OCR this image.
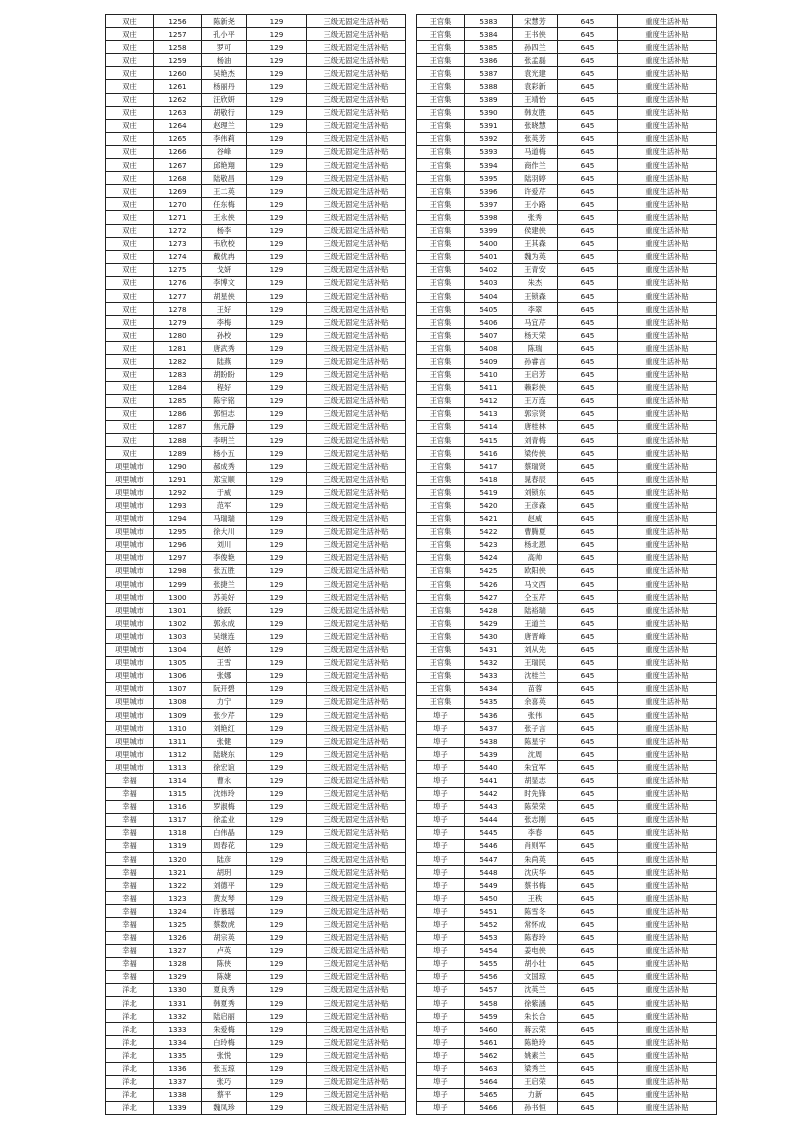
双庄	1256	陈新尧	129	三级无固定生活补贴
双庄	1257	孔小平	129	三级无固定生活补贴
双庄	1258	罗可	129	三级无固定生活补贴
双庄	1259	杨油	129	三级无固定生活补贴
双庄	1260	吴艳杰	129	三级无固定生活补贴
双庄	1261	杨丽丹	129	三级无固定生活补贴
双庄	1262	汪欣妍	129	三级无固定生活补贴
双庄	1263	胡敬行	129	三级无固定生活补贴
双庄	1264	赵理兰	129	三级无固定生活补贴
双庄	1265	李伟莉	129	三级无固定生活补贴
双庄	1266	谷峰	129	三级无固定生活补贴
双庄	1267	邱艳翔	129	三级无固定生活补贴
双庄	1268	陆敬昌	129	三级无固定生活补贴
双庄	1269	王二英	129	三级无固定生活补贴
双庄	1270	任东梅	129	三级无固定生活补贴
双庄	1271	王永侠	129	三级无固定生活补贴
双庄	1272	杨李	129	三级无固定生活补贴
双庄	1273	韦欣校	129	三级无固定生活补贴
双庄	1274	戴优冉	129	三级无固定生活补贴
双庄	1275	戈妍	129	三级无固定生活补贴
双庄	1276	李博文	129	三级无固定生活补贴
双庄	1277	胡星侠	129	三级无固定生活补贴
双庄	1278	王好	129	三级无固定生活补贴
双庄	1279	李梅	129	三级无固定生活补贴
双庄	1280	孙校	129	三级无固定生活补贴
双庄	1281	唐武秀	129	三级无固定生活补贴
双庄	1282	陆燕	129	三级无固定生活补贴
双庄	1283	胡盼盼	129	三级无固定生活补贴
双庄	1284	程好	129	三级无固定生活补贴
双庄	1285	陈宇铭	129	三级无固定生活补贴
双庄	1286	郭恒志	129	三级无固定生活补贴
双庄	1287	焦元静	129	三级无固定生活补贴
双庄	1288	李明兰	129	三级无固定生活补贴
双庄	1289	杨小五	129	三级无固定生活补贴
项里城市	1290	郝成秀	129	三级无固定生活补贴
项里城市	1291	郑宝顺	129	三级无固定生活补贴
项里城市	1292	于威	129	三级无固定生活补贴
项里城市	1293	范军	129	三级无固定生活补贴
项里城市	1294	马瑞瑞	129	三级无固定生活补贴
项里城市	1295	徐大川	129	三级无固定生活补贴
项里城市	1296	刘川	129	三级无固定生活补贴
项里城市	1297	李俊艳	129	三级无固定生活补贴
项里城市	1298	张五胜	129	三级无固定生活补贴
项里城市	1299	张捷兰	129	三级无固定生活补贴
项里城市	1300	苏美好	129	三级无固定生活补贴
项里城市	1301	徐跃	129	三级无固定生活补贴
项里城市	1302	郭永成	129	三级无固定生活补贴
项里城市	1303	吴继连	129	三级无固定生活补贴
项里城市	1304	赵娇	129	三级无固定生活补贴
项里城市	1305	王雪	129	三级无固定生活补贴
项里城市	1306	张娜	129	三级无固定生活补贴
项里城市	1307	阮开碧	129	三级无固定生活补贴
项里城市	1308	力宁	129	三级无固定生活补贴
项里城市	1309	张少芹	129	三级无固定生活补贴
项里城市	1310	刘艳红	129	三级无固定生活补贴
项里城市	1311	张健	129	三级无固定生活补贴
项里城市	1312	陆晓东	129	三级无固定生活补贴
项里城市	1313	徐宏谊	129	三级无固定生活补贴
幸福	1314	曹永	129	三级无固定生活补贴
幸福	1315	沈炜玲	129	三级无固定生活补贴
幸福	1316	罗淑梅	129	三级无固定生活补贴
幸福	1317	徐孟业	129	三级无固定生活补贴
幸福	1318	白伟晶	129	三级无固定生活补贴
幸福	1319	周春花	129	三级无固定生活补贴
幸福	1320	陆彦	129	三级无固定生活补贴
幸福	1321	胡玥	129	三级无固定生活补贴
幸福	1322	刘德平	129	三级无固定生活补贴
幸福	1323	黄友琴	129	三级无固定生活补贴
幸福	1324	许慕瑶	129	三级无固定生活补贴
幸福	1325	蔡数虎	129	三级无固定生活补贴
幸福	1326	胡宗英	129	三级无固定生活补贴
幸福	1327	卢英	129	三级无固定生活补贴
幸福	1328	陈侠	129	三级无固定生活补贴
幸福	1329	陈婕	129	三级无固定生活补贴
洋北	1330	夏良秀	129	三级无固定生活补贴
洋北	1331	韩夏秀	129	三级无固定生活补贴
洋北	1332	陆启丽	129	三级无固定生活补贴
洋北	1333	朱爱梅	129	三级无固定生活补贴
洋北	1334	白玲梅	129	三级无固定生活补贴
洋北	1335	张悦	129	三级无固定生活补贴
洋北	1336	张玉琼	129	三级无固定生活补贴
洋北	1337	张巧	129	三级无固定生活补贴
洋北	1338	蔡平	129	三级无固定生活补贴
洋北	1339	魏凤珍	129	三级无固定生活补贴
王官集	5383	宋慧芳	645	重度生活补贴
王官集	5384	王书侠	645	重度生活补贴
王官集	5385	孙四兰	645	重度生活补贴
王官集	5386	张孟磊	645	重度生活补贴
王官集	5387	袁光建	645	重度生活补贴
王官集	5388	袁彩新	645	重度生活补贴
王官集	5389	王靖怡	645	重度生活补贴
王官集	5390	韩友胜	645	重度生活补贴
王官集	5391	张晓慧	645	重度生活补贴
王官集	5392	张英芳	645	重度生活补贴
王官集	5393	马道梅	645	重度生活补贴
王官集	5394	商作兰	645	重度生活补贴
王官集	5395	陆羽婷	645	重度生活补贴
王官集	5396	许爱芹	645	重度生活补贴
王官集	5397	王小路	645	重度生活补贴
王官集	5398	张秀	645	重度生活补贴
王官集	5399	侯建侠	645	重度生活补贴
王官集	5400	王其森	645	重度生活补贴
王官集	5401	魏为英	645	重度生活补贴
王官集	5402	王青安	645	重度生活补贴
王官集	5403	朱杰	645	重度生活补贴
王官集	5404	王锁森	645	重度生活补贴
王官集	5405	李翠	645	重度生活补贴
王官集	5406	马宜芹	645	重度生活补贴
王官集	5407	杨天荣	645	重度生活补贴
王官集	5408	陈瑞	645	重度生活补贴
王官集	5409	孙睿言	645	重度生活补贴
王官集	5410	王启芳	645	重度生活补贴
王官集	5411	赖彩侠	645	重度生活补贴
王官集	5412	王万连	645	重度生活补贴
王官集	5413	郭宗贤	645	重度生活补贴
王官集	5414	唐桂林	645	重度生活补贴
王官集	5415	刘青梅	645	重度生活补贴
王官集	5416	梁传侠	645	重度生活补贴
王官集	5417	蔡瑞贤	645	重度生活补贴
王官集	5418	晁春辰	645	重度生活补贴
王官集	5419	刘锁东	645	重度生活补贴
王官集	5420	王彦森	645	重度生活补贴
王官集	5421	赵威	645	重度生活补贴
王官集	5422	曹腾夏	645	重度生活补贴
王官集	5423	杨北恩	645	重度生活补贴
王官集	5424	高帅	645	重度生活补贴
王官集	5425	欧阳侠	645	重度生活补贴
王官集	5426	马文西	645	重度生活补贴
王官集	5427	仝玉芹	645	重度生活补贴
王官集	5428	陆裕瑞	645	重度生活补贴
王官集	5429	王道兰	645	重度生活补贴
王官集	5430	唐晋峰	645	重度生活补贴
王官集	5431	刘从先	645	重度生活补贴
王官集	5432	王瑞民	645	重度生活补贴
王官集	5433	沈桂兰	645	重度生活补贴
王官集	5434	苗蓉	645	重度生活补贴
王官集	5435	余喜英	645	重度生活补贴
埠子	5436	张伟	645	重度生活补贴
埠子	5437	张子言	645	重度生活补贴
埠子	5438	陈星宇	645	重度生活补贴
埠子	5439	沈周	645	重度生活补贴
埠子	5440	朱宜军	645	重度生活补贴
埠子	5441	胡显志	645	重度生活补贴
埠子	5442	时先锋	645	重度生活补贴
埠子	5443	陈荣荣	645	重度生活补贴
埠子	5444	张志刚	645	重度生活补贴
埠子	5445	李春	645	重度生活补贴
埠子	5446	肖则军	645	重度生活补贴
埠子	5447	朱尚英	645	重度生活补贴
埠子	5448	沈庆华	645	重度生活补贴
埠子	5449	蔡书梅	645	重度生活补贴
埠子	5450	王秩	645	重度生活补贴
埠子	5451	陈雪冬	645	重度生活补贴
埠子	5452	常怀成	645	重度生活补贴
埠子	5453	陈春玲	645	重度生活补贴
埠子	5454	姜电侠	645	重度生活补贴
埠子	5455	胡小壮	645	重度生活补贴
埠子	5456	文国琼	645	重度生活补贴
埠子	5457	沈英兰	645	重度生活补贴
埠子	5458	徐紫涵	645	重度生活补贴
埠子	5459	朱长合	645	重度生活补贴
埠子	5460	蒋云荣	645	重度生活补贴
埠子	5461	陈艳玲	645	重度生活补贴
埠子	5462	姚素兰	645	重度生活补贴
埠子	5463	梁秀兰	645	重度生活补贴
埠子	5464	王启荣	645	重度生活补贴
埠子	5465	力新	645	重度生活补贴
埠子	5466	孙书恒	645	重度生活补贴
